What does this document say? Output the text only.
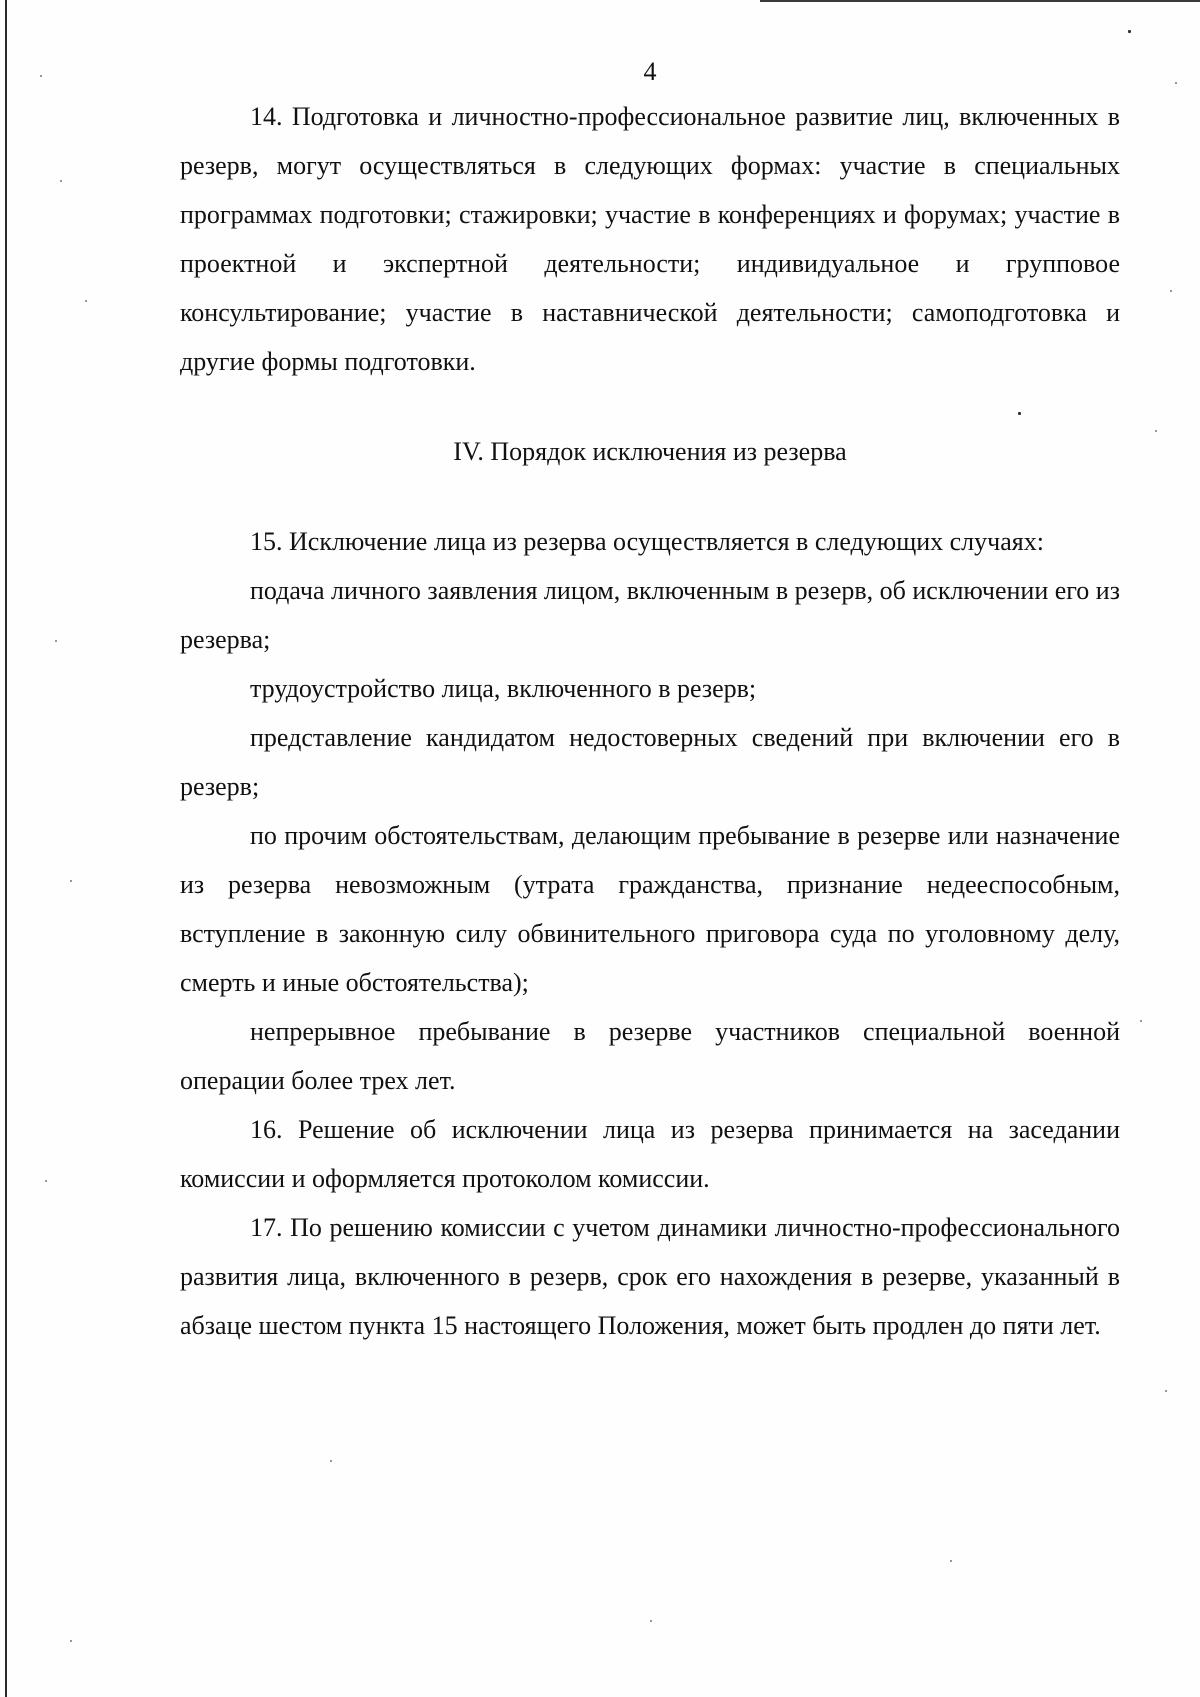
4

14. Подготовка и личностно-профессиональное развитие лиц, включенных в резерв, могут осуществляться в следующих формах: участие в специальных программах подготовки; стажировки; участие в конференциях и форумах; участие в проектной и экспертной деятельности; индивидуальное и групповое консультирование; участие в наставнической деятельности; самоподготовка и другие формы подготовки.

IV. Порядок исключения из резерва

15. Исключение лица из резерва осуществляется в следующих случаях:

подача личного заявления лицом, включенным в резерв, об исключении его из резерва;

трудоустройство лица, включенного в резерв;

представление кандидатом недостоверных сведений при включении его в резерв;

по прочим обстоятельствам, делающим пребывание в резерве или назначение из резерва невозможным (утрата гражданства, признание недееспособным, вступление в законную силу обвинительного приговора суда по уголовному делу, смерть и иные обстоятельства);

непрерывное пребывание в резерве участников специальной военной операции более трех лет.

16. Решение об исключении лица из резерва принимается на заседании комиссии и оформляется протоколом комиссии.

17. По решению комиссии с учетом динамики личностно-профессионального развития лица, включенного в резерв, срок его нахождения в резерве, указанный в абзаце шестом пункта 15 настоящего Положения, может быть продлен до пяти лет.
